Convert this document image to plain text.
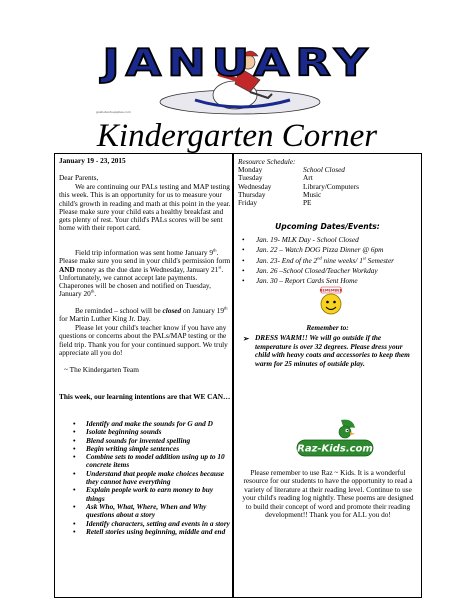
JANUARY
gostudentsupplies.com
Kindergarten Corner
January 19 - 23, 2015
Dear Parents,
We are continuing our PALs testing and MAP testing this week. This is an opportunity for us to measure your child's growth in reading and math at this point in the year. Please make sure your child eats a healthy breakfast and gets plenty of rest. Your child's PALs scores will be sent home with their report card.
Field trip information was sent home January 9th. Please make sure you send in your child's permission form AND money as the due date is Wednesday, January 21st. Unfortunately, we cannot accept late payments. Chaperones will be chosen and notified on Tuesday, January 20th.
Be reminded – school will be closed on January 19th for Martin Luther King Jr. Day.
Please let your child's teacher know if you have any questions or concerns about the PALs/MAP testing or the field trip. Thank you for your continued support. We truly appreciate all you do!
~ The Kindergarten Team
This week, our learning intentions are that WE CAN…
• Identify and make the sounds for G and D
• Isolate beginning sounds
• Blend sounds for invented spelling
• Begin writing simple sentences
• Combine sets to model addition using up to 10 concrete items
• Understand that people make choices because they cannot have everything
• Explain people work to earn money to buy things
• Ask Who, What, Where, When and Why questions about a story
• Identify characters, setting and events in a story
• Retell stories using beginning, middle and end
Resource Schedule:
Monday	School Closed
Tuesday	Art
Wednesday	Library/Computers
Thursday	Music
Friday	PE
Upcoming Dates/Events:
• Jan. 19- MLK Day - School Closed
• Jan. 22 – Watch DOG Pizza Dinner @ 6pm
• Jan. 23- End of the 2nd nine weeks/ 1st Semester
• Jan. 26 –School Closed/Teacher Workday
• Jan. 30 – Report Cards Sent Home
REMEMBER
Remember to:
➢ DRESS WARM!! We will go outside if the temperature is over 32 degrees. Please dress your child with heavy coats and accessories to keep them warm for 25 minutes of outside play.
Raz-Kids.com
Please remember to use Raz ~ Kids. It is a wonderful resource for our students to have the opportunity to read a variety of literature at their reading level. Continue to use your child's reading log nightly. These poems are designed to build their concept of word and promote their reading development!! Thank you for ALL you do!
